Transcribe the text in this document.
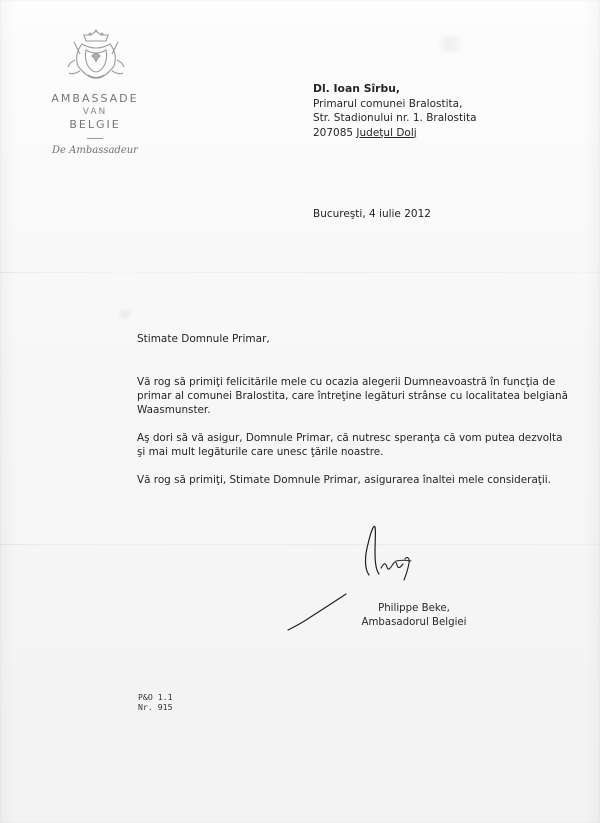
AMBASSADE
VAN
BELGIE
De Ambassadeur
Dl. Ioan Sîrbu,
Primarul comunei Bralostita,
Str. Stadionului nr. 1. Bralostita
207085 Judeţul Dolj
Bucureşti, 4 iulie 2012
Stimate Domnule Primar,

Vă rog să primiţi felicitările mele cu ocazia alegerii Dumneavoastră în funcţia de primar al comunei Bralostita, care întreţine legături strânse cu localitatea belgiană Waasmunster.

Aş dori să vă asigur, Domnule Primar, că nutresc speranţa că vom putea dezvolta şi mai mult legăturile care unesc ţările noastre.

Vă rog să primiţi, Stimate Domnule Primar, asigurarea înaltei mele consideraţii.

Philippe Beke,
Ambasadorul Belgiei
P&O 1.1
Nr. 915
